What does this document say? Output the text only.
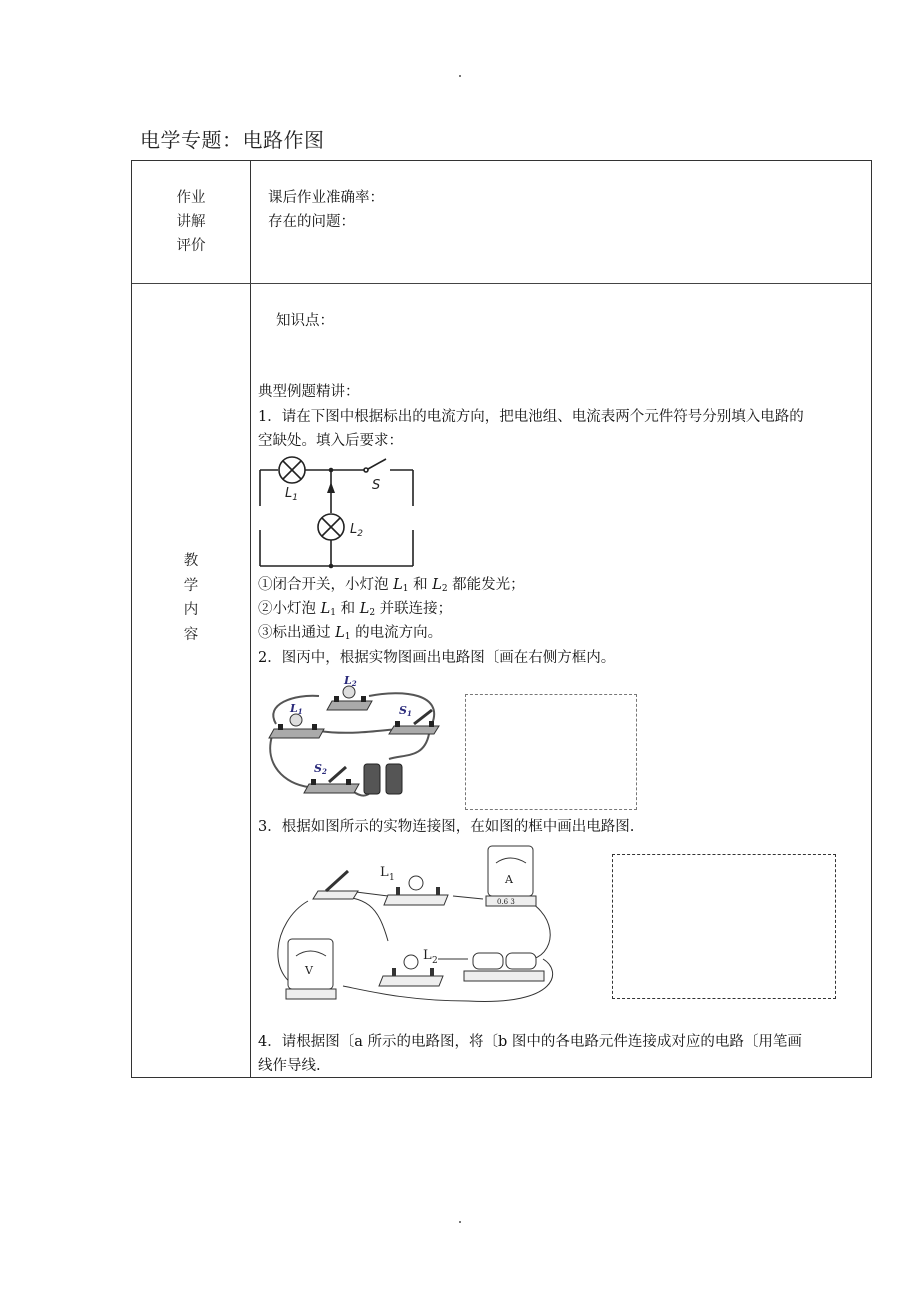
电学专题：电路作图
作业
讲解
评价
课后作业准确率：
存在的问题：
教
学
内
容
知识点：
典型例题精讲：
1．请在下图中根据标出的电流方向，把电池组、电流表两个元件符号分别填入电路的
空缺处。填入后要求：
$L_1$
$L_2$
S
①闭合开关，小灯泡 $L_1$ 和 $L_2$ 都能发光；
②小灯泡 $L_1$ 和 $L_2$ 并联连接；
③标出通过 $L_1$ 的电流方向。
2．图丙中，根据实物图画出电路图〔画在右侧方框内。
L2
L1	S1
S2
3．根据如图所示的实物连接图，在如图的框中画出电路图.
L 1
L 2
A
0.6 3
V
4．请根据图〔a 所示的电路图，将〔b 图中的各电路元件连接成对应的电路〔用笔画
线作导线.
